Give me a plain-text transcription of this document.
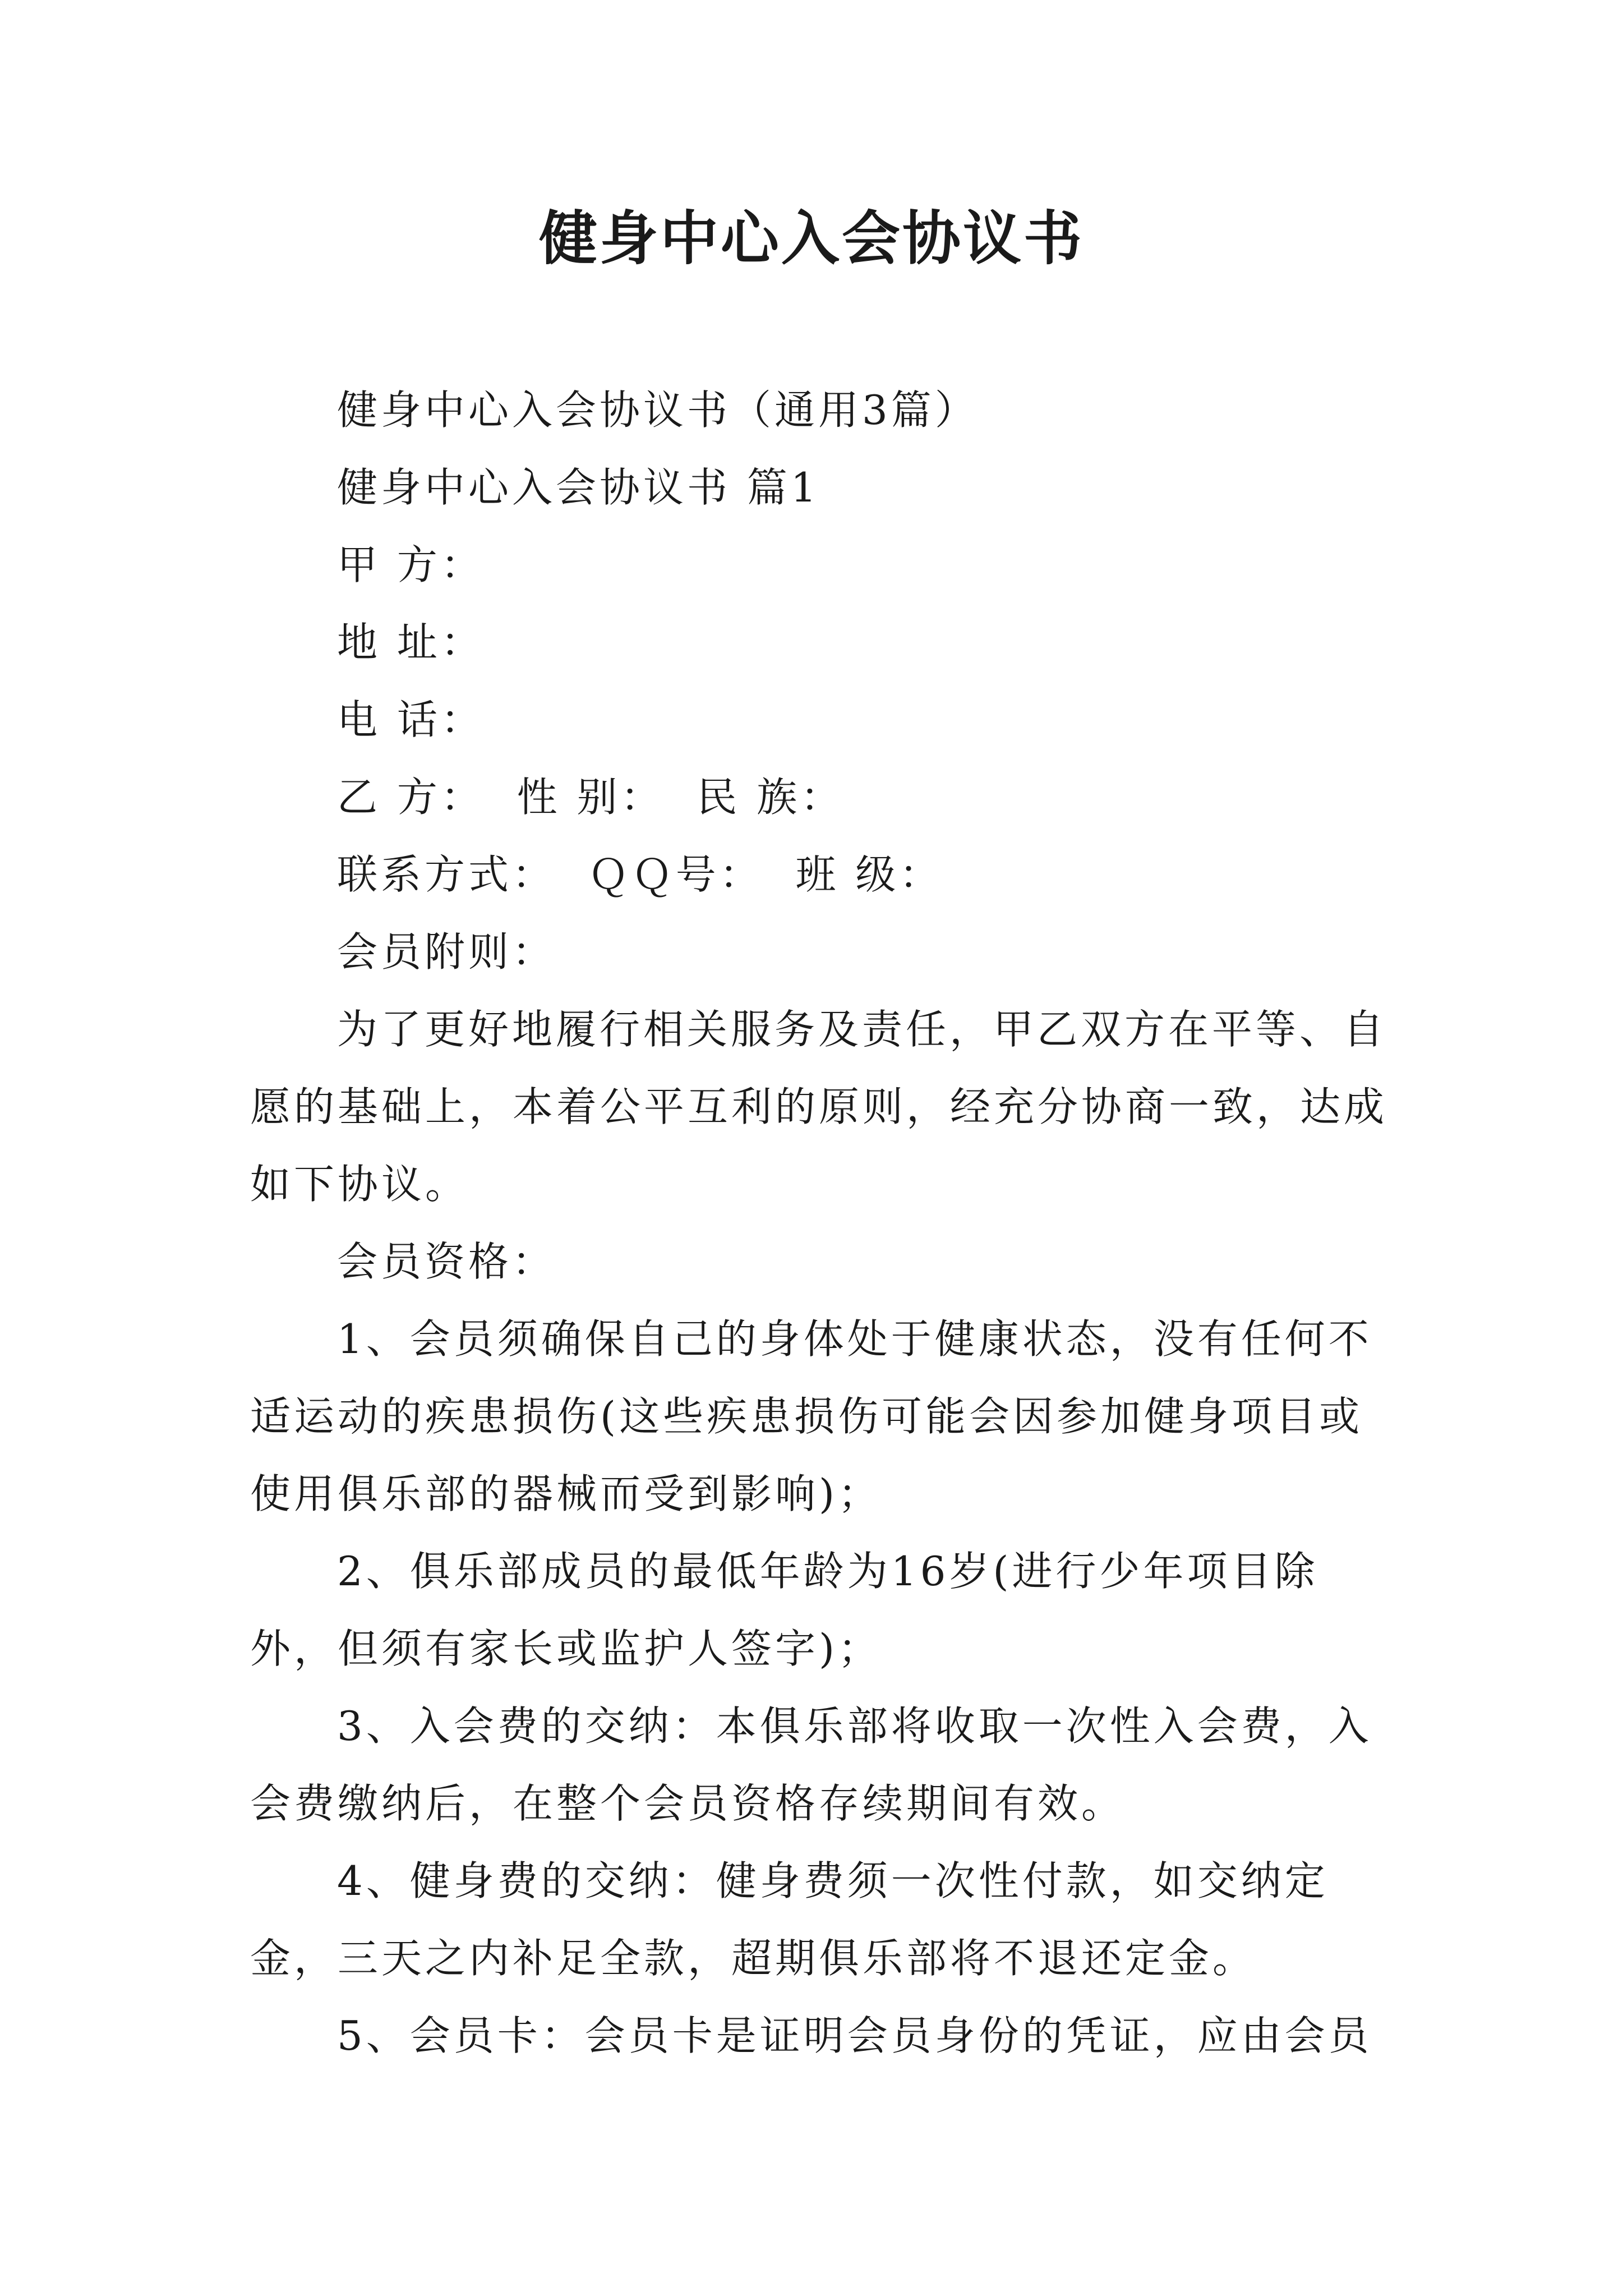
健身中心入会协议书

健身中心入会协议书（通用3篇）

健身中心入会协议书 篇1

甲 方：

地 址：

电 话：

乙 方：  性 别：  民 族：

联系方式：  ＱＱ号：  班 级：

会员附则：

为了更好地履行相关服务及责任，甲乙双方在平等、自愿的基础上，本着公平互利的原则，经充分协商一致，达成如下协议。

会员资格：

1、会员须确保自己的身体处于健康状态，没有任何不适运动的疾患损伤(这些疾患损伤可能会因参加健身项目或使用俱乐部的器械而受到影响)；

2、俱乐部成员的最低年龄为16岁(进行少年项目除外，但须有家长或监护人签字)；

3、入会费的交纳：本俱乐部将收取一次性入会费，入会费缴纳后，在整个会员资格存续期间有效。

4、健身费的交纳：健身费须一次性付款，如交纳定金，三天之内补足全款，超期俱乐部将不退还定金。

5、会员卡：会员卡是证明会员身份的凭证，应由会员
